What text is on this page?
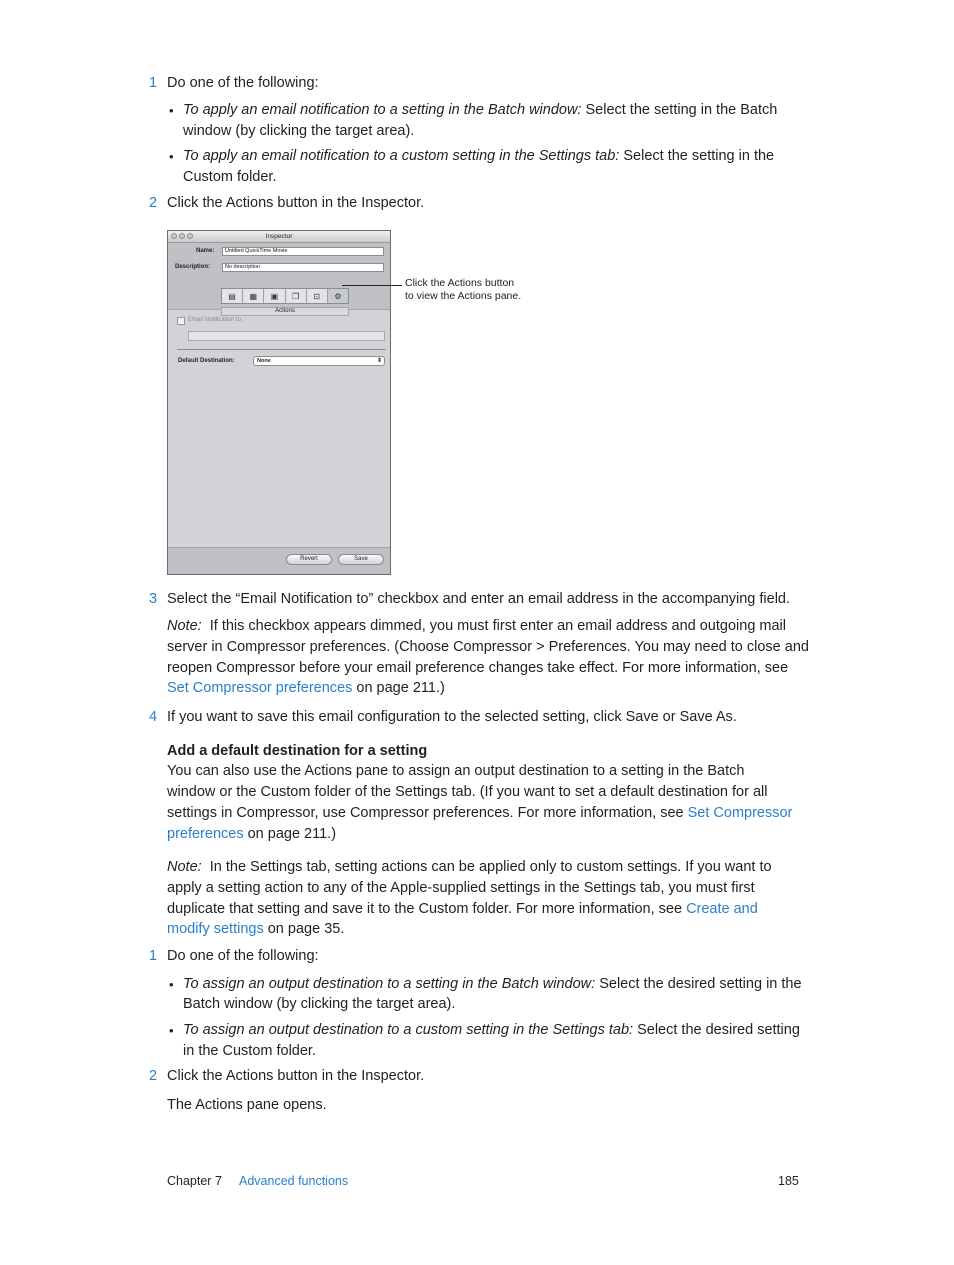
1 Do one of the following:
• To apply an email notification to a setting in the Batch window: Select the setting in the Batch
window (by clicking the target area).
• To apply an email notification to a custom setting in the Settings tab: Select the setting in the
Custom folder.
2 Click the Actions button in the Inspector.
Inspector
Name:	Untitled QuickTime Movie
Description:	No description
▤	▦	▣	❐	⊡	⚙
Actions
Email Notification to:
Default Destination:	None	⇕
Revert	Save
Click the Actions button
to view the Actions pane.
3 Select the “Email Notification to” checkbox and enter an email address in the accompanying field.
Note: If this checkbox appears dimmed, you must first enter an email address and outgoing mail
server in Compressor preferences. (Choose Compressor > Preferences. You may need to close and
reopen Compressor before your email preference changes take effect. For more information, see
Set Compressor preferences on page 211.)
4 If you want to save this email configuration to the selected setting, click Save or Save As.
Add a default destination for a setting
You can also use the Actions pane to assign an output destination to a setting in the Batch
window or the Custom folder of the Settings tab. (If you want to set a default destination for all
settings in Compressor, use Compressor preferences. For more information, see Set Compressor
preferences on page 211.)
Note: In the Settings tab, setting actions can be applied only to custom settings. If you want to
apply a setting action to any of the Apple-supplied settings in the Settings tab, you must first
duplicate that setting and save it to the Custom folder. For more information, see Create and
modify settings on page 35.
1 Do one of the following:
• To assign an output destination to a setting in the Batch window: Select the desired setting in the
Batch window (by clicking the target area).
• To assign an output destination to a custom setting in the Settings tab: Select the desired setting
in the Custom folder.
2 Click the Actions button in the Inspector.
The Actions pane opens.
Chapter 7 Advanced functions	185
